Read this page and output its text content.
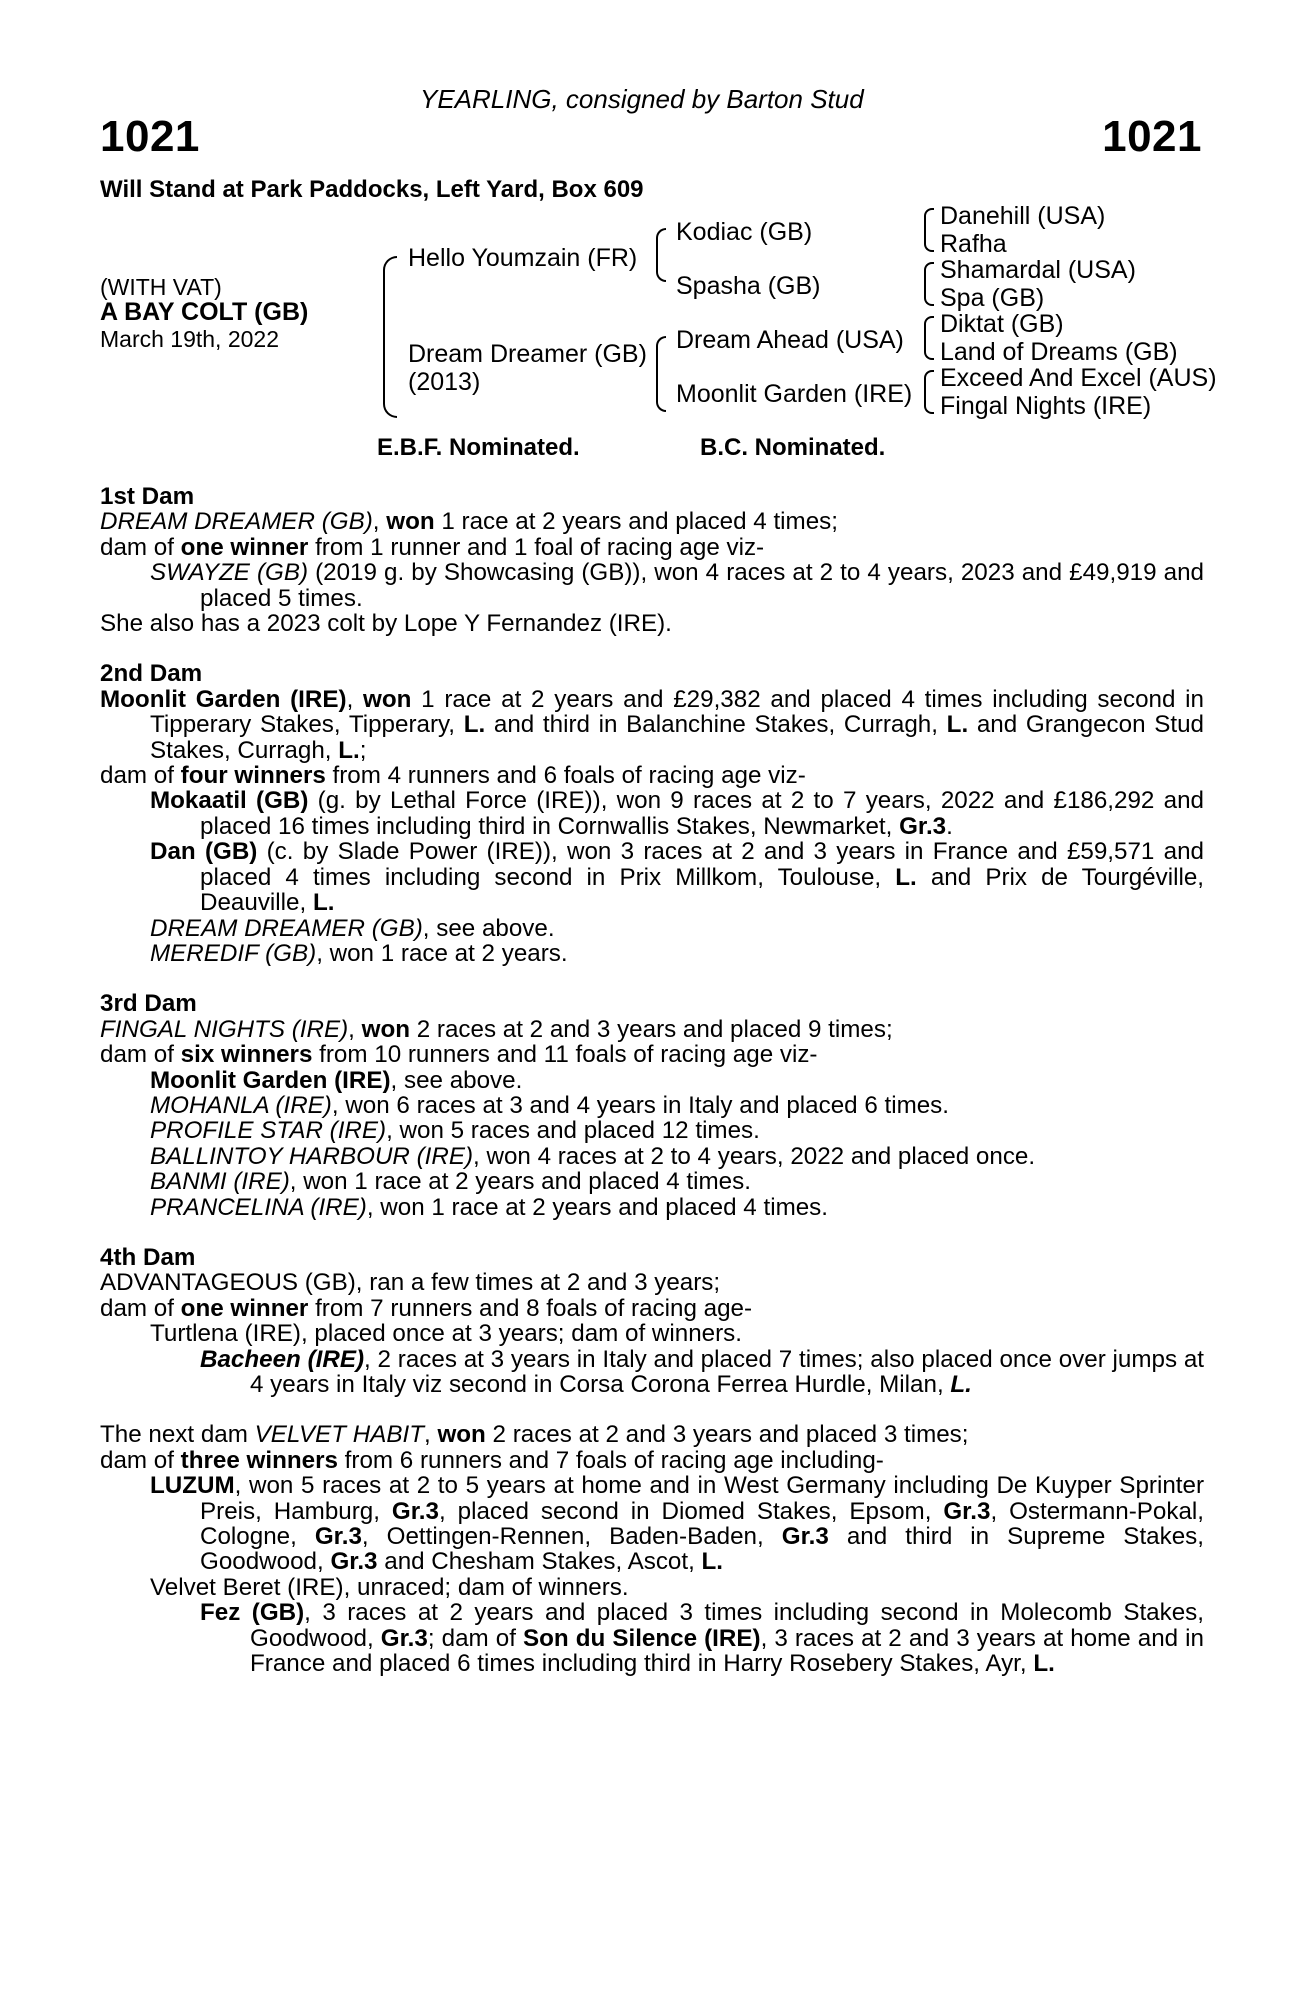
YEARLING, consigned by Barton Stud
1021	1021
Will Stand at Park Paddocks, Left Yard, Box 609
(WITH VAT)
A BAY COLT (GB)
March 19th, 2022
Hello Youmzain (FR)
Dream Dreamer (GB)
(2013)
Kodiac (GB)
Spasha (GB)
Dream Ahead (USA)
Moonlit Garden (IRE)
Danehill (USA)
Rafha
Shamardal (USA)
Spa (GB)
Diktat (GB)
Land of Dreams (GB)
Exceed And Excel (AUS)
Fingal Nights (IRE)
E.B.F. Nominated.	B.C. Nominated.
1st Dam
DREAM DREAMER (GB), won 1 race at 2 years and placed 4 times;
dam of one winner from 1 runner and 1 foal of racing age viz-
SWAYZE (GB) (2019 g. by Showcasing (GB)), won 4 races at 2 to 4 years, 2023 and £49,919 and placed 5 times.
She also has a 2023 colt by Lope Y Fernandez (IRE).
2nd Dam
Moonlit Garden (IRE), won 1 race at 2 years and £29,382 and placed 4 times including second in Tipperary Stakes, Tipperary, L. and third in Balanchine Stakes, Curragh, L. and Grangecon Stud Stakes, Curragh, L.;
dam of four winners from 4 runners and 6 foals of racing age viz-
Mokaatil (GB) (g. by Lethal Force (IRE)), won 9 races at 2 to 7 years, 2022 and £186,292 and placed 16 times including third in Cornwallis Stakes, Newmarket, Gr.3.
Dan (GB) (c. by Slade Power (IRE)), won 3 races at 2 and 3 years in France and £59,571 and placed 4 times including second in Prix Millkom, Toulouse, L. and Prix de Tourgéville, Deauville, L.
DREAM DREAMER (GB), see above.
MEREDIF (GB), won 1 race at 2 years.
3rd Dam
FINGAL NIGHTS (IRE), won 2 races at 2 and 3 years and placed 9 times;
dam of six winners from 10 runners and 11 foals of racing age viz-
Moonlit Garden (IRE), see above.
MOHANLA (IRE), won 6 races at 3 and 4 years in Italy and placed 6 times.
PROFILE STAR (IRE), won 5 races and placed 12 times.
BALLINTOY HARBOUR (IRE), won 4 races at 2 to 4 years, 2022 and placed once.
BANMI (IRE), won 1 race at 2 years and placed 4 times.
PRANCELINA (IRE), won 1 race at 2 years and placed 4 times.
4th Dam
ADVANTAGEOUS (GB), ran a few times at 2 and 3 years;
dam of one winner from 7 runners and 8 foals of racing age-
Turtlena (IRE), placed once at 3 years; dam of winners.
Bacheen (IRE), 2 races at 3 years in Italy and placed 7 times; also placed once over jumps at 4 years in Italy viz second in Corsa Corona Ferrea Hurdle, Milan, L.
The next dam VELVET HABIT, won 2 races at 2 and 3 years and placed 3 times;
dam of three winners from 6 runners and 7 foals of racing age including-
LUZUM, won 5 races at 2 to 5 years at home and in West Germany including De Kuyper Sprinter Preis, Hamburg, Gr.3, placed second in Diomed Stakes, Epsom, Gr.3, Ostermann-Pokal, Cologne, Gr.3, Oettingen-Rennen, Baden-Baden, Gr.3 and third in Supreme Stakes, Goodwood, Gr.3 and Chesham Stakes, Ascot, L.
Velvet Beret (IRE), unraced; dam of winners.
Fez (GB), 3 races at 2 years and placed 3 times including second in Molecomb Stakes, Goodwood, Gr.3; dam of Son du Silence (IRE), 3 races at 2 and 3 years at home and in France and placed 6 times including third in Harry Rosebery Stakes, Ayr, L.
